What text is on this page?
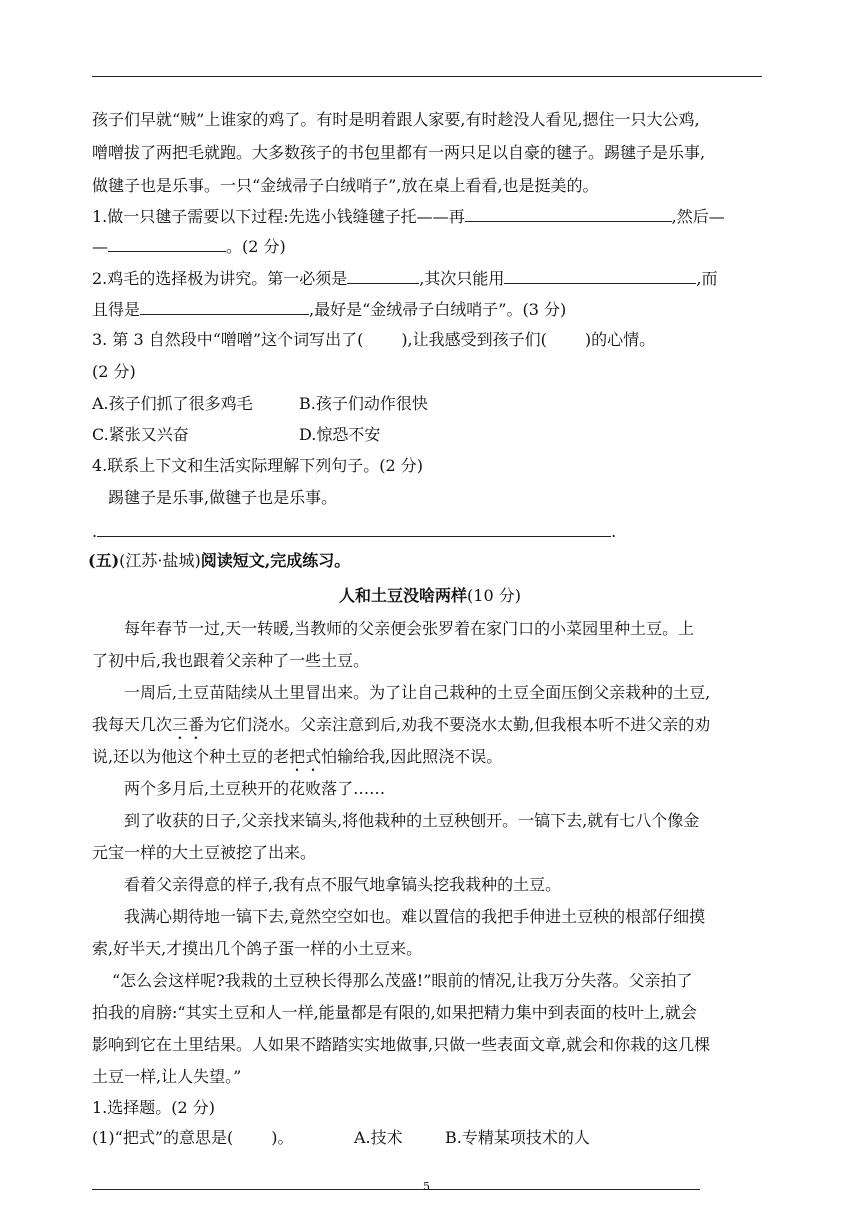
孩子们早就“贼”上谁家的鸡了。有时是明着跟人家要,有时趁没人看见,摁住一只大公鸡,
噌噌拔了两把毛就跑。大多数孩子的书包里都有一两只足以自豪的毽子。踢毽子是乐事,
做毽子也是乐事。一只“金绒帚子白绒哨子”,放在桌上看看,也是挺美的。
1.做一只毽子需要以下过程:先选小钱缝毽子托——再	,然后—
—	。(2 分)
2.鸡毛的选择极为讲究。第一必须是	,其次只能用	,而
且得是	,最好是“金绒帚子白绒哨子”。(3 分)
3. 第 3 自然段中“噌噌”这个词写出了( ),让我感受到孩子们( )的心情。
(2 分)
A.孩子们抓了很多鸡毛	B.孩子们动作很快
C.紧张又兴奋	D.惊恐不安
4.联系上下文和生活实际理解下列句子。(2 分)
踢毽子是乐事,做毽子也是乐事。
.	.
(五)(江苏·盐城)阅读短文,完成练习。
人和土豆没啥两样(10 分)
每年春节一过,天一转暖,当教师的父亲便会张罗着在家门口的小菜园里种土豆。上
了初中后,我也跟着父亲种了一些土豆。
一周后,土豆苗陆续从土里冒出来。为了让自己栽种的土豆全面压倒父亲栽种的土豆,
我每天几次三番为它们浇水。父亲注意到后,劝我不要浇水太勤,但我根本听不进父亲的劝
说,还以为他这个种土豆的老把式怕输给我,因此照浇不误。
两个多月后,土豆秧开的花败落了……
到了收获的日子,父亲找来镐头,将他栽种的土豆秧刨开。一镐下去,就有七八个像金
元宝一样的大土豆被挖了出来。
看着父亲得意的样子,我有点不服气地拿镐头挖我栽种的土豆。
我满心期待地一镐下去,竟然空空如也。难以置信的我把手伸进土豆秧的根部仔细摸
索,好半天,才摸出几个鸽子蛋一样的小土豆来。
“怎么会这样呢?我栽的土豆秧长得那么茂盛!”眼前的情况,让我万分失落。父亲拍了
拍我的肩膀:“其实土豆和人一样,能量都是有限的,如果把精力集中到表面的枝叶上,就会
影响到它在土里结果。人如果不踏踏实实地做事,只做一些表面文章,就会和你栽的这几棵
土豆一样,让人失望。”
1.选择题。(2 分)
(1)“把式”的意思是( )。	A.技术	B.专精某项技术的人
5
